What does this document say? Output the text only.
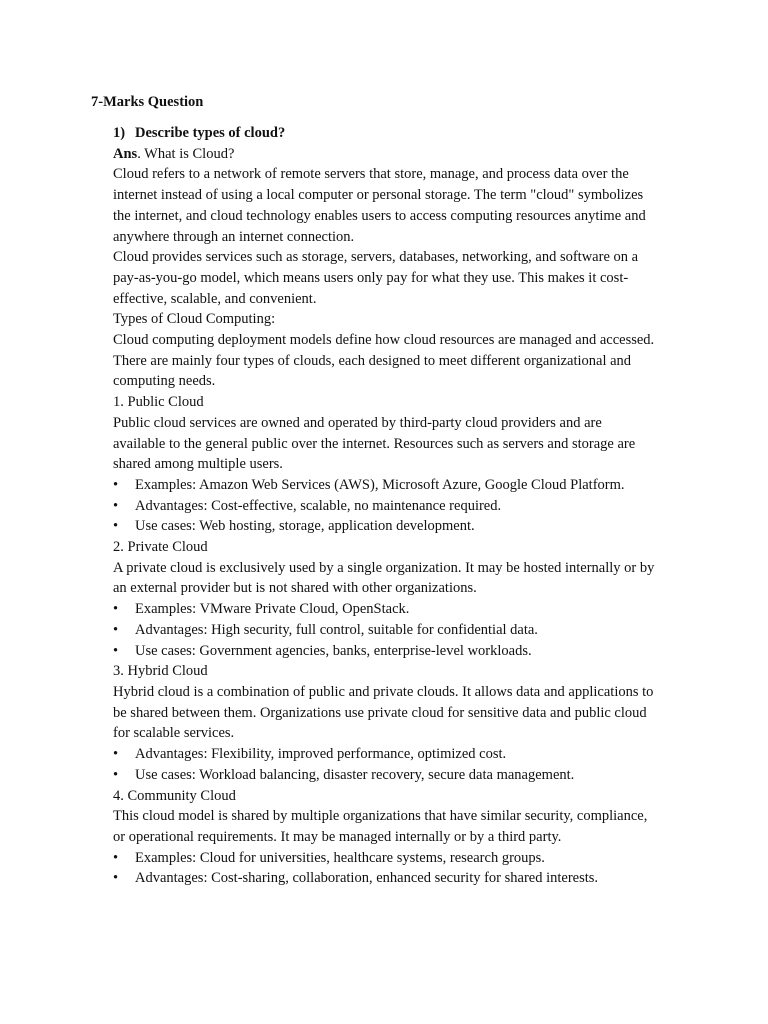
7-Marks Question
1) Describe types of cloud?
Ans. What is Cloud?

Cloud refers to a network of remote servers that store, manage, and process data over the

internet instead of using a local computer or personal storage. The term "cloud" symbolizes

the internet, and cloud technology enables users to access computing resources anytime and

anywhere through an internet connection.

Cloud provides services such as storage, servers, databases, networking, and software on a

pay-as-you-go model, which means users only pay for what they use. This makes it cost-

effective, scalable, and convenient.

Types of Cloud Computing:

Cloud computing deployment models define how cloud resources are managed and accessed.

There are mainly four types of clouds, each designed to meet different organizational and

computing needs.

1. Public Cloud

Public cloud services are owned and operated by third-party cloud providers and are

available to the general public over the internet. Resources such as servers and storage are

shared among multiple users.

• Examples: Amazon Web Services (AWS), Microsoft Azure, Google Cloud Platform.
• Advantages: Cost-effective, scalable, no maintenance required.
• Use cases: Web hosting, storage, application development.

2. Private Cloud

A private cloud is exclusively used by a single organization. It may be hosted internally or by

an external provider but is not shared with other organizations.

• Examples: VMware Private Cloud, OpenStack.
• Advantages: High security, full control, suitable for confidential data.
• Use cases: Government agencies, banks, enterprise-level workloads.

3. Hybrid Cloud

Hybrid cloud is a combination of public and private clouds. It allows data and applications to

be shared between them. Organizations use private cloud for sensitive data and public cloud

for scalable services.

• Advantages: Flexibility, improved performance, optimized cost.
• Use cases: Workload balancing, disaster recovery, secure data management.

4. Community Cloud

This cloud model is shared by multiple organizations that have similar security, compliance,

or operational requirements. It may be managed internally or by a third party.

• Examples: Cloud for universities, healthcare systems, research groups.
• Advantages: Cost-sharing, collaboration, enhanced security for shared interests.
